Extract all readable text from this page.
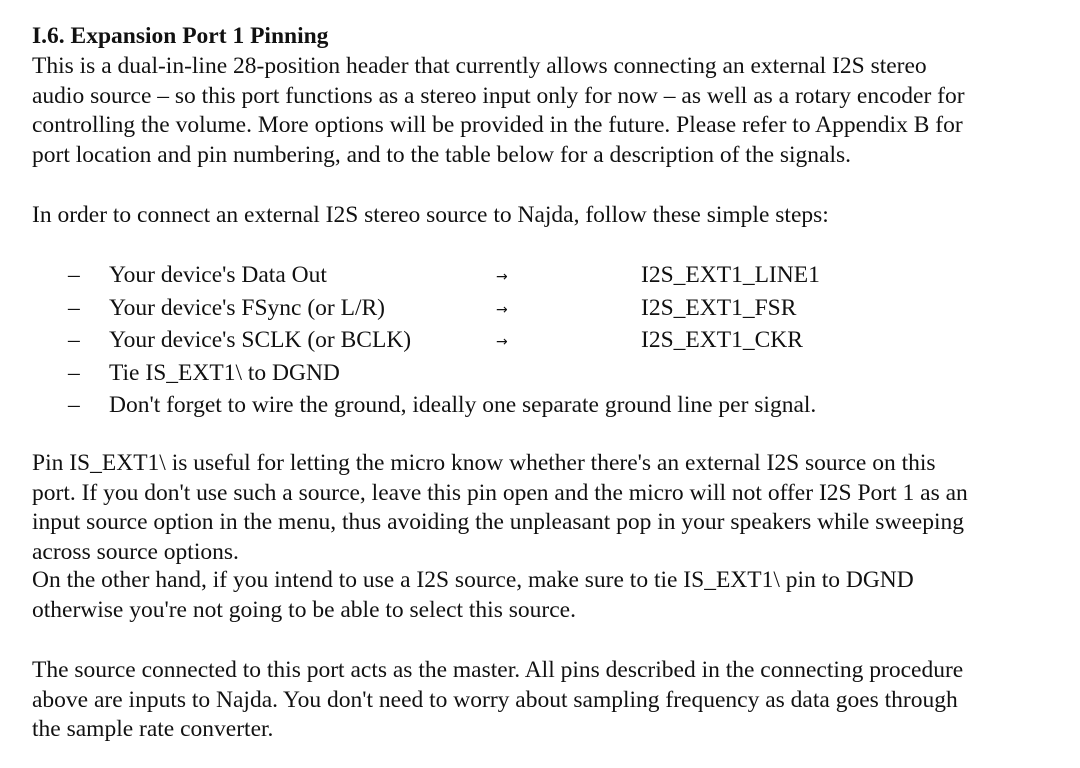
I.6. Expansion Port 1 Pinning

This is a dual-in-line 28-position header that currently allows connecting an external I2S stereo
audio source – so this port functions as a stereo input only for now – as well as a rotary encoder for
controlling the volume. More options will be provided in the future. Please refer to Appendix B for
port location and pin numbering, and to the table below for a description of the signals.

In order to connect an external I2S stereo source to Najda, follow these simple steps:

– Your device's Data Out	→	I2S_EXT1_LINE1
– Your device's FSync (or L/R)	→	I2S_EXT1_FSR
– Your device's SCLK (or BCLK)	→	I2S_EXT1_CKR
– Tie IS_EXT1\ to DGND
– Don't forget to wire the ground, ideally one separate ground line per signal.

Pin IS_EXT1\ is useful for letting the micro know whether there's an external I2S source on this
port. If you don't use such a source, leave this pin open and the micro will not offer I2S Port 1 as an
input source option in the menu, thus avoiding the unpleasant pop in your speakers while sweeping
across source options.

On the other hand, if you intend to use a I2S source, make sure to tie IS_EXT1\ pin to DGND
otherwise you're not going to be able to select this source.

The source connected to this port acts as the master. All pins described in the connecting procedure
above are inputs to Najda. You don't need to worry about sampling frequency as data goes through
the sample rate converter.
